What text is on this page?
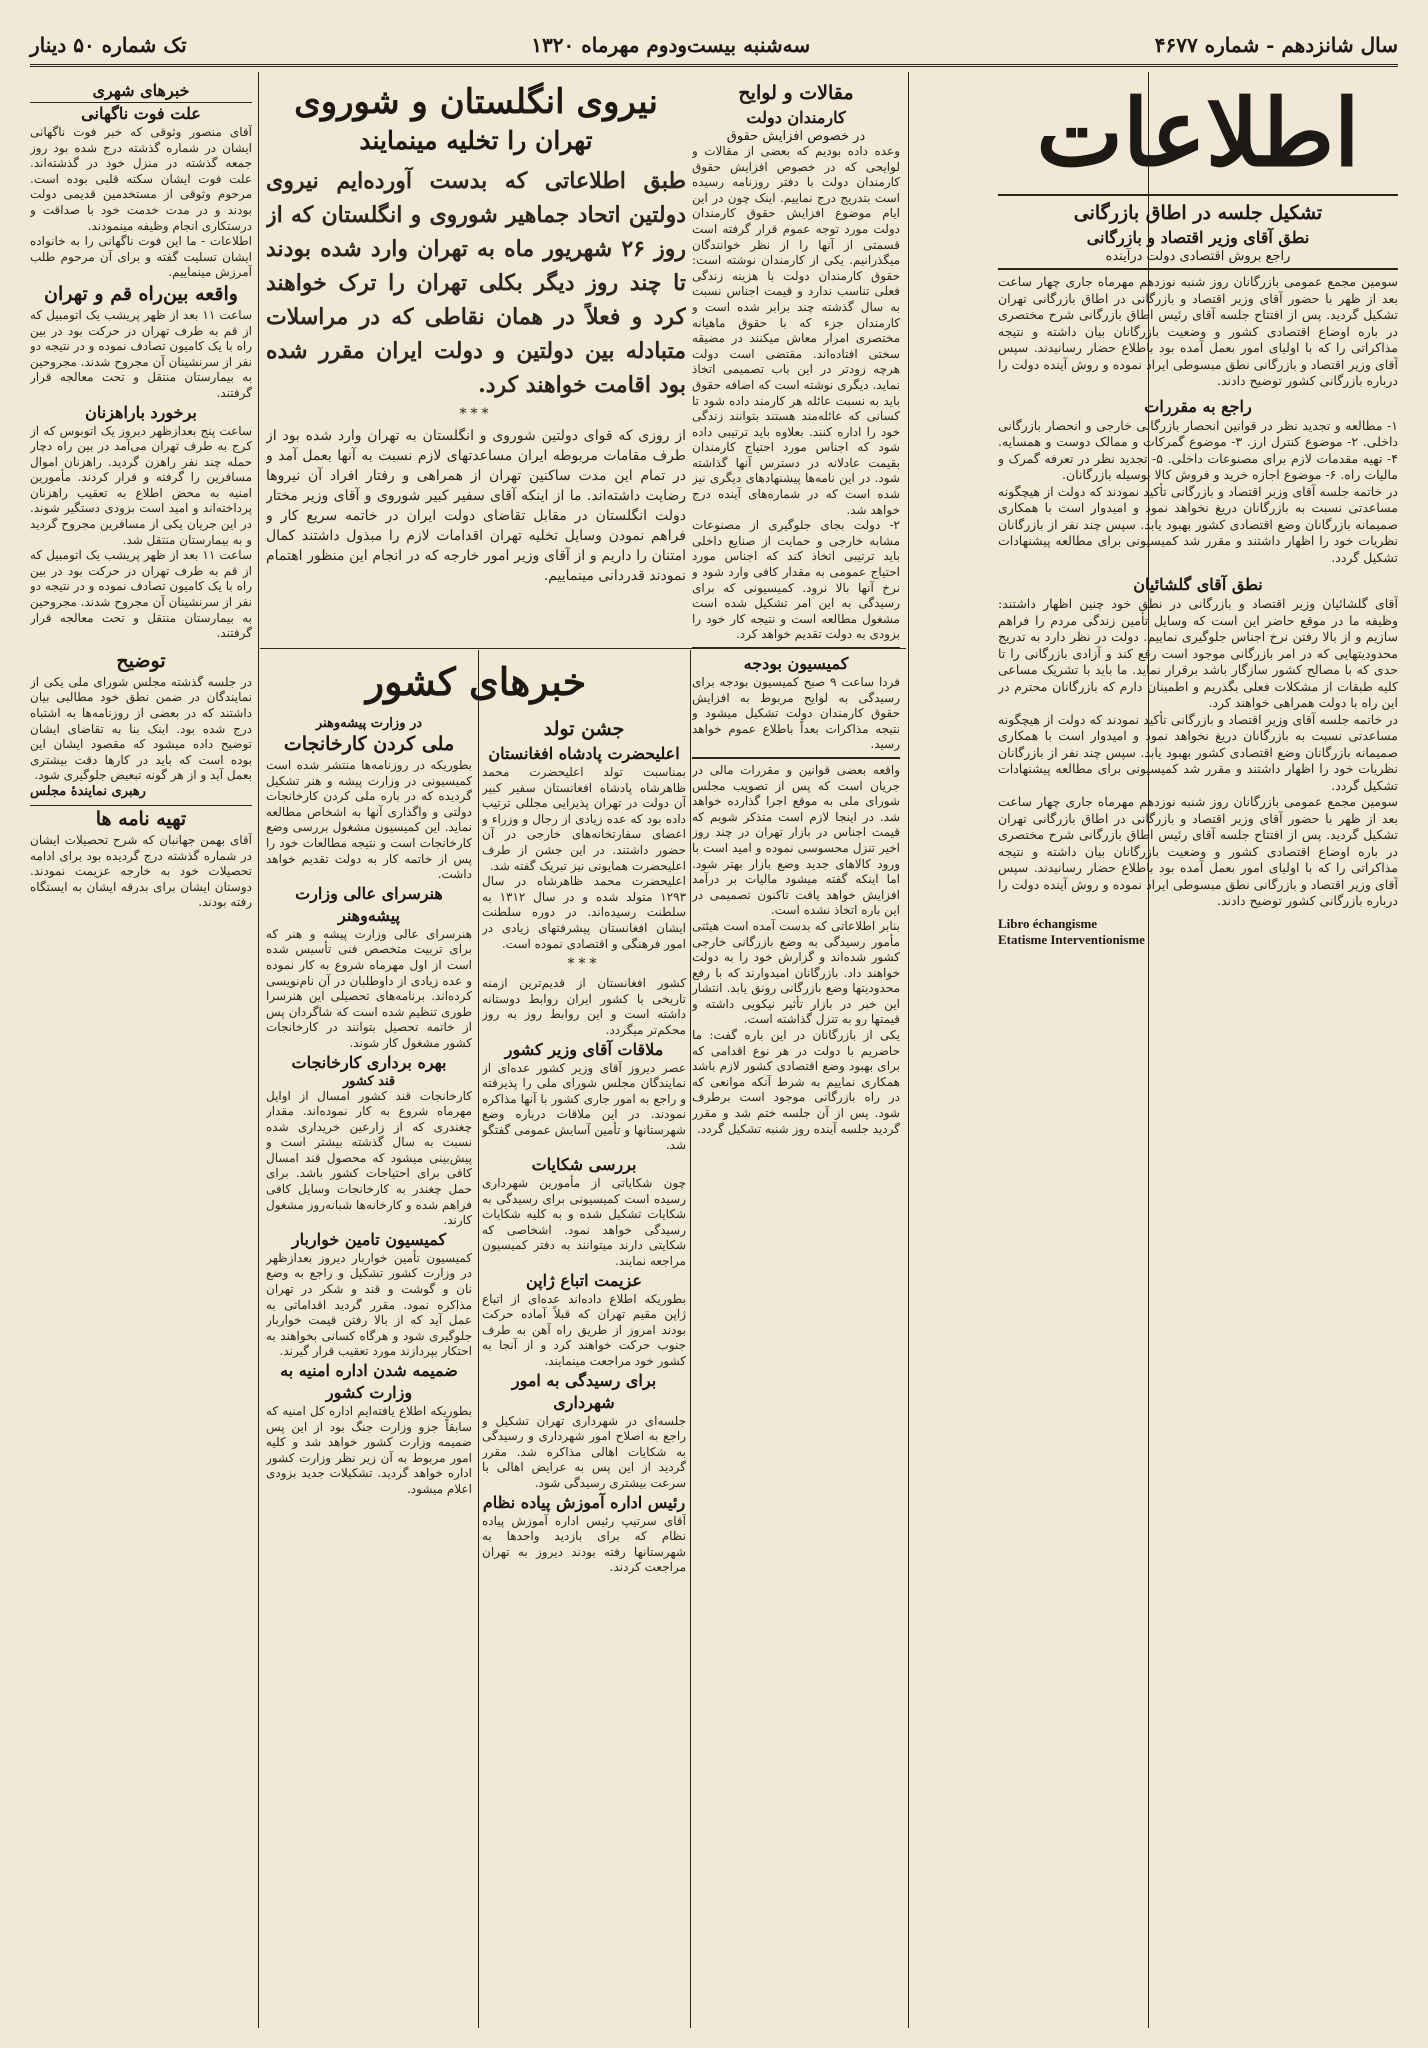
سال شانزدهم - شماره ۴۶۷۷
سه‌شنبه بیست‌و‌دوم مهرماه ۱۳۲۰
تک شماره ۵۰ دینار
اطلاعات

تشکیل جلسه در اطاق بازرگانی

نطق آقای وزیر اقتصاد و بازرگانی

راجع بروش اقتصادی دولت درآینده

سومین مجمع عمومی بازرگانان روز شنبه نوزدهم مهرماه جاری چهار ساعت بعد از ظهر با حضور آقای وزیر اقتصاد و بازرگانی در اطاق بازرگانی تهران تشکیل گردید. پس از افتتاح جلسه آقای رئیس اطاق بازرگانی شرح مختصری در باره اوضاع اقتصادی کشور و وضعیت بازرگانان بیان داشته و نتیجه مذاکراتی را که با اولیای امور بعمل آمده بود باطلاع حضار رسانیدند. سپس آقای وزیر اقتصاد و بازرگانی نطق مبسوطی ایراد نموده و روش آینده دولت را درباره بازرگانی کشور توضیح دادند.

راجع به مقررات

۱- مطالعه و تجدید نظر در قوانین انحصار بازرگانی خارجی و انحصار بازرگانی داخلی. ۲- موضوع کنترل ارز. ۳- موضوع گمرکات و ممالک دوست و همسایه. ۴- تهیه مقدمات لازم برای مصنوعات داخلی. ۵- تجدید نظر در تعرفه گمرک و مالیات راه. ۶- موضوع اجازه خرید و فروش کالا بوسیله بازرگانان.

در خاتمه جلسه آقای وزیر اقتصاد و بازرگانی تأکید نمودند که دولت از هیچگونه مساعدتی نسبت به بازرگانان دریغ نخواهد نمود و امیدوار است با همکاری صمیمانه بازرگانان وضع اقتصادی کشور بهبود یابد. سپس چند نفر از بازرگانان نظریات خود را اظهار داشتند و مقرر شد کمیسیونی برای مطالعه پیشنهادات تشکیل گردد.

نطق آقای گلشائیان

آقای گلشائیان وزیر اقتصاد و بازرگانی در نطق خود چنین اظهار داشتند: وظیفه ما در موقع حاضر این است که وسایل تأمین زندگی مردم را فراهم سازیم و از بالا رفتن نرخ اجناس جلوگیری نماییم. دولت در نظر دارد به تدریج محدودیتهایی که در امر بازرگانی موجود است رفع کند و آزادی بازرگانی را تا حدی که با مصالح کشور سازگار باشد برقرار نماید. ما باید با تشریک مساعی کلیه طبقات از مشکلات فعلی بگذریم و اطمینان دارم که بازرگانان محترم در این راه با دولت همراهی خواهند کرد.

در خاتمه جلسه آقای وزیر اقتصاد و بازرگانی تأکید نمودند که دولت از هیچگونه مساعدتی نسبت به بازرگانان دریغ نخواهد نمود و امیدوار است با همکاری صمیمانه بازرگانان وضع اقتصادی کشور بهبود یابد. سپس چند نفر از بازرگانان نظریات خود را اظهار داشتند و مقرر شد کمیسیونی برای مطالعه پیشنهادات تشکیل گردد.

سومین مجمع عمومی بازرگانان روز شنبه نوزدهم مهرماه جاری چهار ساعت بعد از ظهر با حضور آقای وزیر اقتصاد و بازرگانی در اطاق بازرگانی تهران تشکیل گردید. پس از افتتاح جلسه آقای رئیس اطاق بازرگانی شرح مختصری در باره اوضاع اقتصادی کشور و وضعیت بازرگانان بیان داشته و نتیجه مذاکراتی را که با اولیای امور بعمل آمده بود باطلاع حضار رسانیدند. سپس آقای وزیر اقتصاد و بازرگانی نطق مبسوطی ایراد نموده و روش آینده دولت را درباره بازرگانی کشور توضیح دادند.

Libro échangisme
Etatisme Interventionisme

مقالات و لوایح

کارمندان دولت

در خصوص افزایش حقوق

وعده داده بودیم که بعضی از مقالات و لوایحی که در خصوص افزایش حقوق کارمندان دولت با دفتر روزنامه رسیده است بتدریج درج نماییم. اینک چون در این ایام موضوع افزایش حقوق کارمندان دولت مورد توجه عموم قرار گرفته است قسمتی از آنها را از نظر خوانندگان میگذرانیم. یکی از کارمندان نوشته است: حقوق کارمندان دولت با هزینه زندگی فعلی تناسب ندارد و قیمت اجناس نسبت به سال گذشته چند برابر شده است و کارمندان جزء که با حقوق ماهیانه مختصری امرار معاش میکنند در مضیقه سختی افتاده‌اند. مقتضی است دولت هرچه زودتر در این باب تصمیمی اتخاذ نماید. دیگری نوشته است که اضافه حقوق باید به نسبت عائله هر کارمند داده شود تا کسانی که عائله‌مند هستند بتوانند زندگی خود را اداره کنند. بعلاوه باید ترتیبی داده شود که اجناس مورد احتیاج کارمندان بقیمت عادلانه در دسترس آنها گذاشته شود. در این نامه‌ها پیشنهادهای دیگری نیز شده است که در شماره‌های آینده درج خواهد شد.

۲- دولت بجای جلوگیری از مصنوعات مشابه خارجی و حمایت از صنایع داخلی باید ترتیبی اتخاذ کند که اجناس مورد احتیاج عمومی به مقدار کافی وارد شود و نرخ آنها بالا نرود. کمیسیونی که برای رسیدگی به این امر تشکیل شده است مشغول مطالعه است و نتیجه کار خود را بزودی به دولت تقدیم خواهد کرد.

کمیسیون بودجه

فردا ساعت ۹ صبح کمیسیون بودجه برای رسیدگی به لوایح مربوط به افزایش حقوق کارمندان دولت تشکیل میشود و نتیجه مذاکرات بعداً باطلاع عموم خواهد رسید.

واقعه بعضی قوانین و مقررات مالی در جریان است که پس از تصویب مجلس شورای ملی به موقع اجرا گذارده خواهد شد. در اینجا لازم است متذکر شویم که قیمت اجناس در بازار تهران در چند روز اخیر تنزل محسوسی نموده و امید است با ورود کالاهای جدید وضع بازار بهتر شود. اما اینکه گفته میشود مالیات بر درآمد افزایش خواهد یافت تاکنون تصمیمی در این باره اتخاذ نشده است.

بنابر اطلاعاتی که بدست آمده است هیئتی مأمور رسیدگی به وضع بازرگانی خارجی کشور شده‌اند و گزارش خود را به دولت خواهند داد. بازرگانان امیدوارند که با رفع محدودیتها وضع بازرگانی رونق یابد. انتشار این خبر در بازار تأثیر نیکویی داشته و قیمتها رو به تنزل گذاشته است.

یکی از بازرگانان در این باره گفت: ما حاضریم با دولت در هر نوع اقدامی که برای بهبود وضع اقتصادی کشور لازم باشد همکاری نماییم به شرط آنکه موانعی که در راه بازرگانی موجود است برطرف شود. پس از آن جلسه ختم شد و مقرر گردید جلسه آینده روز شنبه تشکیل گردد.

نیروی انگلستان و شوروی

تهران را تخلیه مینمایند

طبق اطلاعاتی که بدست آورده‌ایم نیروی دولتین اتحاد جماهیر شوروی و انگلستان که از روز ۲۶ شهریور ماه به تهران وارد شده بودند تا چند روز دیگر بکلی تهران را ترک خواهند کرد و فعلاً در همان نقاطی که در مراسلات متبادله بین دولتین و دولت ایران مقرر شده بود اقامت خواهند کرد.

***

از روزی که قوای دولتین شوروی و انگلستان به تهران وارد شده بود از طرف مقامات مربوطه ایران مساعدتهای لازم نسبت به آنها بعمل آمد و در تمام این مدت ساکنین تهران از همراهی و رفتار افراد آن نیروها رضایت داشته‌اند. ما از اینکه آقای سفیر کبیر شوروی و آقای وزیر مختار دولت انگلستان در مقابل تقاضای دولت ایران در خاتمه سریع کار و فراهم نمودن وسایل تخلیه تهران اقدامات لازم را مبذول داشتند کمال امتنان را داریم و از آقای وزیر امور خارجه که در انجام این منظور اهتمام نمودند قدردانی مینماییم.

خبرهای کشور

در وزارت پیشه‌وهنر

ملی کردن کارخانجات

بطوریکه در روزنامه‌ها منتشر شده است کمیسیونی در وزارت پیشه و هنر تشکیل گردیده که در باره ملی کردن کارخانجات دولتی و واگذاری آنها به اشخاص مطالعه نماید. این کمیسیون مشغول بررسی وضع کارخانجات است و نتیجه مطالعات خود را پس از خاتمه کار به دولت تقدیم خواهد داشت.

هنرسرای عالی وزارت پیشه‌وهنر

هنرسرای عالی وزارت پیشه و هنر که برای تربیت متخصص فنی تأسیس شده است از اول مهرماه شروع به کار نموده و عده زیادی از داوطلبان در آن نام‌نویسی کرده‌اند. برنامه‌های تحصیلی این هنرسرا طوری تنظیم شده است که شاگردان پس از خاتمه تحصیل بتوانند در کارخانجات کشور مشغول کار شوند.

بهره برداری کارخانجات

قند کشور

کارخانجات قند کشور امسال از اوایل مهرماه شروع به کار نموده‌اند. مقدار چغندری که از زارعین خریداری شده نسبت به سال گذشته بیشتر است و پیش‌بینی میشود که محصول قند امسال کافی برای احتیاجات کشور باشد. برای حمل چغندر به کارخانجات وسایل کافی فراهم شده و کارخانه‌ها شبانه‌روز مشغول کارند.

کمیسیون تامین خواربار

کمیسیون تأمین خواربار دیروز بعدازظهر در وزارت کشور تشکیل و راجع به وضع نان و گوشت و قند و شکر در تهران مذاکره نمود. مقرر گردید اقداماتی به عمل آید که از بالا رفتن قیمت خواربار جلوگیری شود و هرگاه کسانی بخواهند به احتکار بپردازند مورد تعقیب قرار گیرند.

ضمیمه شدن اداره امنیه به وزارت کشور

بطوریکه اطلاع یافته‌ایم اداره کل امنیه که سابقاً جزو وزارت جنگ بود از این پس ضمیمه وزارت کشور خواهد شد و کلیه امور مربوط به آن زیر نظر وزارت کشور اداره خواهد گردید. تشکیلات جدید بزودی اعلام میشود.

جشن تولد

اعلیحضرت پادشاه افغانستان

بمناسبت تولد اعلیحضرت محمد ظاهرشاه پادشاه افغانستان سفیر کبیر آن دولت در تهران پذیرایی مجللی ترتیب داده بود که عده زیادی از رجال و وزراء و اعضای سفارتخانه‌های خارجی در آن حضور داشتند. در این جشن از طرف اعلیحضرت همایونی نیز تبریک گفته شد.

اعلیحضرت محمد ظاهرشاه در سال ۱۲۹۳ متولد شده و در سال ۱۳۱۲ به سلطنت رسیده‌اند. در دوره سلطنت ایشان افغانستان پیشرفتهای زیادی در امور فرهنگی و اقتصادی نموده است.

***

کشور افغانستان از قدیم‌ترین ازمنه تاریخی با کشور ایران روابط دوستانه داشته است و این روابط روز به روز محکم‌تر میگردد.

ملاقات آقای وزیر کشور

عصر دیروز آقای وزیر کشور عده‌ای از نمایندگان مجلس شورای ملی را پذیرفته و راجع به امور جاری کشور با آنها مذاکره نمودند. در این ملاقات درباره وضع شهرستانها و تأمین آسایش عمومی گفتگو شد.

بررسی شکایات

چون شکایاتی از مأمورین شهرداری رسیده است کمیسیونی برای رسیدگی به شکایات تشکیل شده و به کلیه شکایات رسیدگی خواهد نمود. اشخاصی که شکایتی دارند میتوانند به دفتر کمیسیون مراجعه نمایند.

عزیمت اتباع ژاپن

بطوریکه اطلاع داده‌اند عده‌ای از اتباع ژاپن مقیم تهران که قبلاً آماده حرکت بودند امروز از طریق راه آهن به طرف جنوب حرکت خواهند کرد و از آنجا به کشور خود مراجعت مینمایند.

برای رسیدگی به امور شهرداری

جلسه‌ای در شهرداری تهران تشکیل و راجع به اصلاح امور شهرداری و رسیدگی به شکایات اهالی مذاکره شد. مقرر گردید از این پس به عرایض اهالی با سرعت بیشتری رسیدگی شود.

رئیس اداره آموزش پیاده نظام

آقای سرتیپ رئیس اداره آموزش پیاده نظام که برای بازدید واحدها به شهرستانها رفته بودند دیروز به تهران مراجعت کردند.

خبرهای شهری

علت فوت ناگهانی

آقای منصور وثوقی که خبر فوت ناگهانی ایشان در شماره گذشته درج شده بود روز جمعه گذشته در منزل خود در گذشته‌اند. علت فوت ایشان سکته قلبی بوده است. مرحوم وثوقی از مستخدمین قدیمی دولت بودند و در مدت خدمت خود با صداقت و درستکاری انجام وظیفه مینمودند.

اطلاعات - ما این فوت ناگهانی را به خانواده ایشان تسلیت گفته و برای آن مرحوم طلب آمرزش مینماییم.

واقعه بین‌راه قم و تهران

ساعت ۱۱ بعد از ظهر پریشب یک اتومبیل که از قم به طرف تهران در حرکت بود در بین راه با یک کامیون تصادف نموده و در نتیجه دو نفر از سرنشینان آن مجروح شدند. مجروحین به بیمارستان منتقل و تحت معالجه قرار گرفتند.

برخورد باراهزنان

ساعت پنج بعدازظهر دیروز یک اتوبوس که از کرج به طرف تهران می‌آمد در بین راه دچار حمله چند نفر راهزن گردید. راهزنان اموال مسافرین را گرفته و فرار کردند. مأمورین امنیه به محض اطلاع به تعقیب راهزنان پرداخته‌اند و امید است بزودی دستگیر شوند. در این جریان یکی از مسافرین مجروح گردید و به بیمارستان منتقل شد.

ساعت ۱۱ بعد از ظهر پریشب یک اتومبیل که از قم به طرف تهران در حرکت بود در بین راه با یک کامیون تصادف نموده و در نتیجه دو نفر از سرنشینان آن مجروح شدند. مجروحین به بیمارستان منتقل و تحت معالجه قرار گرفتند.

توضیح

در جلسه گذشته مجلس شورای ملی یکی از نمایندگان در ضمن نطق خود مطالبی بیان داشتند که در بعضی از روزنامه‌ها به اشتباه درج شده بود. اینک بنا به تقاضای ایشان توضیح داده میشود که مقصود ایشان این بوده است که باید در کارها دقت بیشتری بعمل آید و از هر گونه تبعیض جلوگیری شود.

رهبری نمایندۀ مجلس

تهیه نامه ها

آقای بهمن جهانبان که شرح تحصیلات ایشان در شماره گذشته درج گردیده بود برای ادامه تحصیلات خود به خارجه عزیمت نمودند. دوستان ایشان برای بدرقه ایشان به ایستگاه رفته بودند.
